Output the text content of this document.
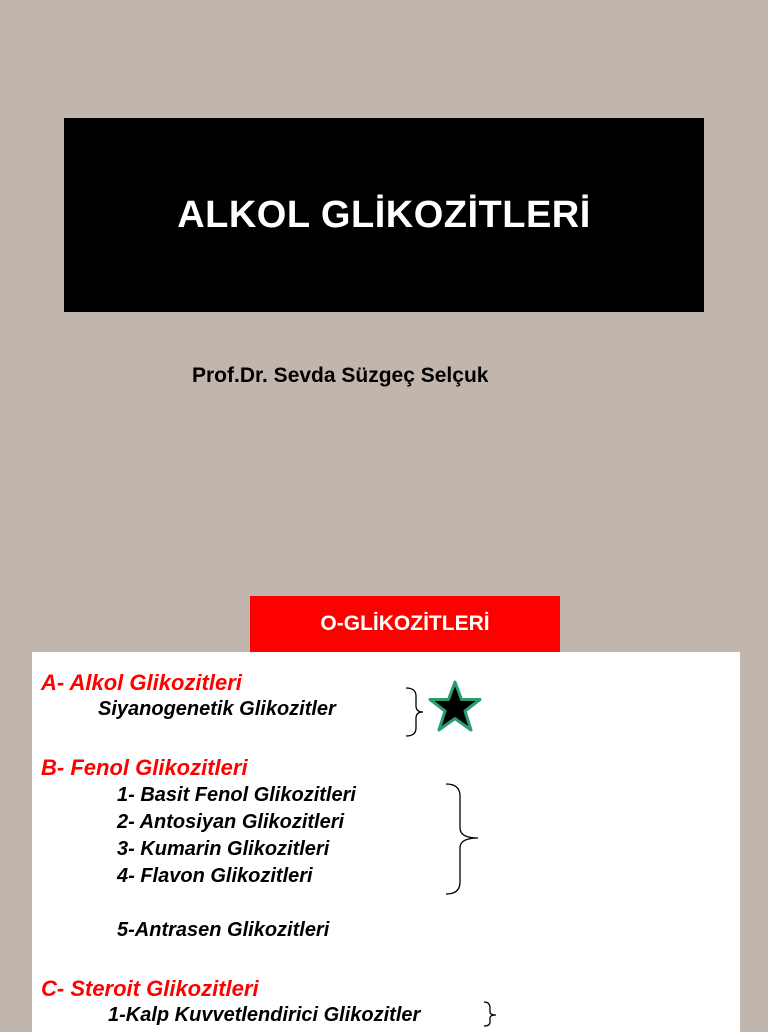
ALKOL GLİKOZİTLERİ
Prof.Dr. Sevda Süzgeç Selçuk
O-GLİKOZİTLERİ
A- Alkol Glikozitleri
Siyanogenetik Glikozitler
B- Fenol Glikozitleri
1- Basit Fenol Glikozitleri
2- Antosiyan Glikozitleri
3- Kumarin Glikozitleri
4- Flavon Glikozitleri
5-Antrasen Glikozitleri
C- Steroit Glikozitleri
1-Kalp Kuvvetlendirici Glikozitler
